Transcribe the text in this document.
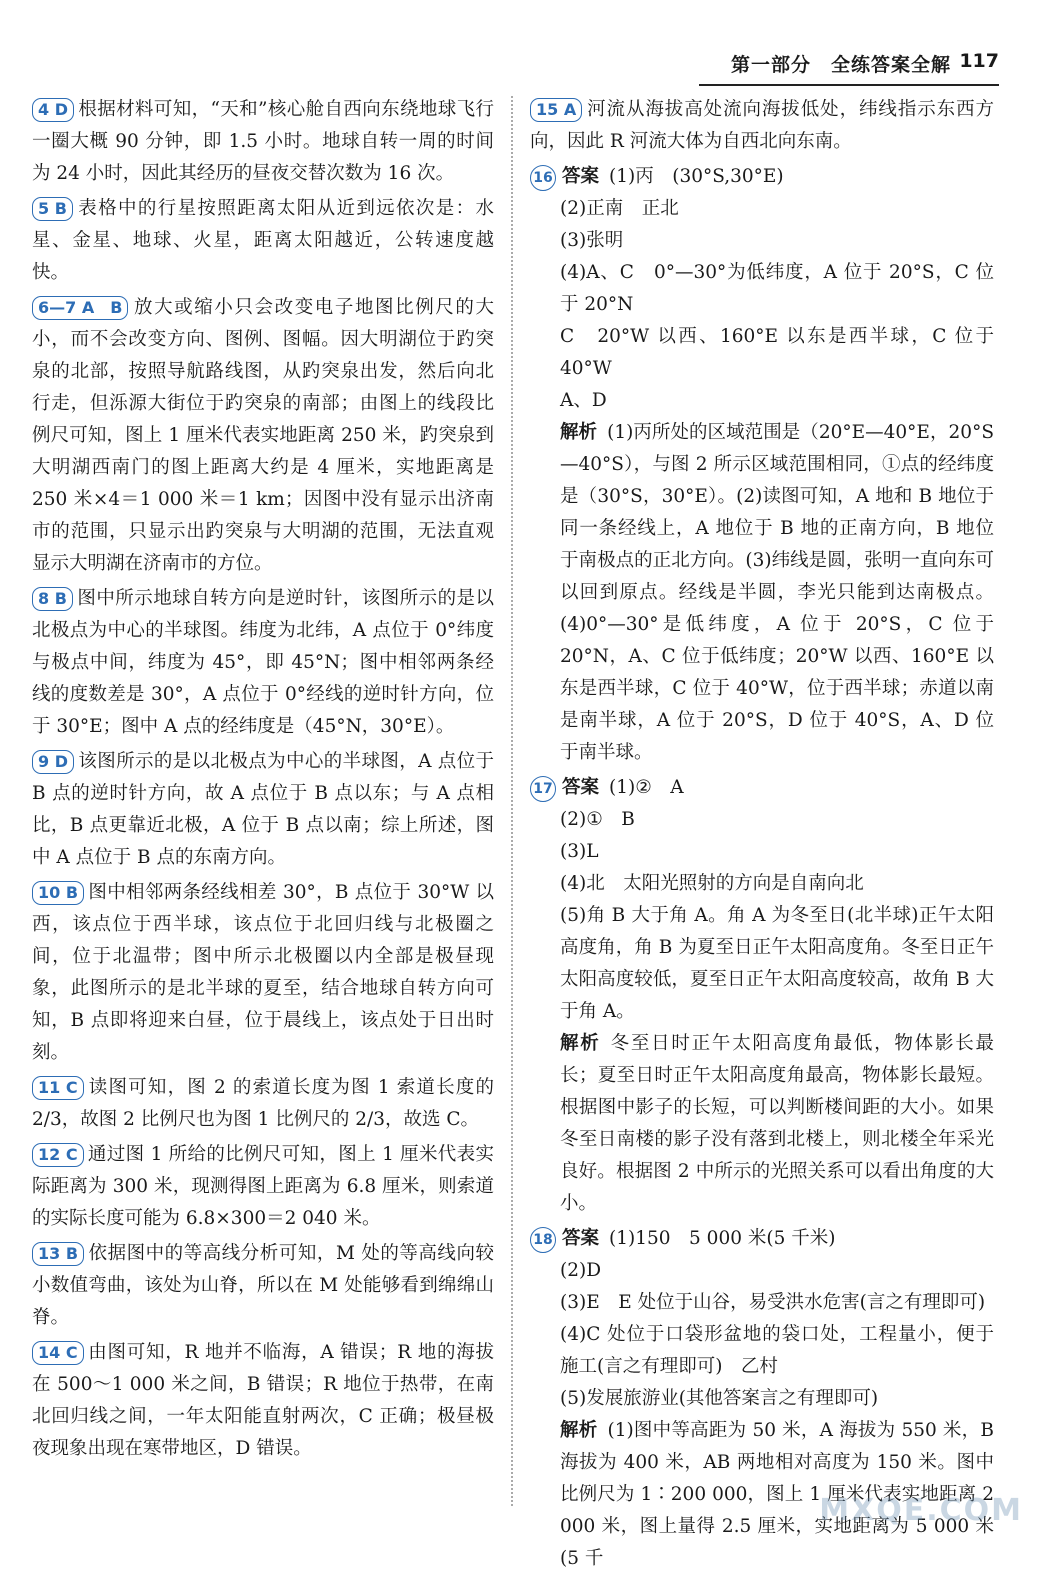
第一部分　全练答案全解 117
4 D 根据材料可知，“天和”核心舱自西向东绕地球飞行一圈大概 90 分钟，即 1.5 小时。地球自转一周的时间为 24 小时，因此其经历的昼夜交替次数为 16 次。
5 B 表格中的行星按照距离太阳从近到远依次是：水星、金星、地球、火星，距离太阳越近，公转速度越快。
6—7 A　B 放大或缩小只会改变电子地图比例尺的大小，而不会改变方向、图例、图幅。因大明湖位于趵突泉的北部，按照导航路线图，从趵突泉出发，然后向北行走，但泺源大街位于趵突泉的南部；由图上的线段比例尺可知，图上 1 厘米代表实地距离 250 米，趵突泉到大明湖西南门的图上距离大约是 4 厘米，实地距离是 250 米×4＝1 000 米＝1 km；因图中没有显示出济南市的范围，只显示出趵突泉与大明湖的范围，无法直观显示大明湖在济南市的方位。
8 B 图中所示地球自转方向是逆时针，该图所示的是以北极点为中心的半球图。纬度为北纬，A 点位于 0°纬度与极点中间，纬度为 45°，即 45°N；图中相邻两条经线的度数差是 30°，A 点位于 0°经线的逆时针方向，位于 30°E；图中 A 点的经纬度是（45°N，30°E）。
9 D 该图所示的是以北极点为中心的半球图，A 点位于 B 点的逆时针方向，故 A 点位于 B 点以东；与 A 点相比，B 点更靠近北极，A 位于 B 点以南；综上所述，图中 A 点位于 B 点的东南方向。
10 B 图中相邻两条经线相差 30°，B 点位于 30°W 以西，该点位于西半球，该点位于北回归线与北极圈之间，位于北温带；图中所示北极圈以内全部是极昼现象，此图所示的是北半球的夏至，结合地球自转方向可知，B 点即将迎来白昼，位于晨线上，该点处于日出时刻。
11 C 读图可知，图 2 的索道长度为图 1 索道长度的 2/3，故图 2 比例尺也为图 1 比例尺的 2/3，故选 C。
12 C 通过图 1 所给的比例尺可知，图上 1 厘米代表实际距离为 300 米，现测得图上距离为 6.8 厘米，则索道的实际长度可能为 6.8×300＝2 040 米。
13 B 依据图中的等高线分析可知，M 处的等高线向较小数值弯曲，该处为山脊，所以在 M 处能够看到绵绵山脊。
14 C 由图可知，R 地并不临海，A 错误；R 地的海拔在 500～1 000 米之间，B 错误；R 地位于热带，在南北回归线之间，一年太阳能直射两次，C 正确；极昼极夜现象出现在寒带地区，D 错误。
15 A 河流从海拔高处流向海拔低处，纬线指示东西方向，因此 R 河流大体为自西北向东南。
16 答案 (1)丙　(30°S,30°E)
(2)正南　正北
(3)张明
(4)A、C　0°—30°为低纬度，A 位于 20°S，C 位于 20°N
C　20°W 以西、160°E 以东是西半球，C 位于 40°W
A、D
解析 (1)丙所处的区域范围是（20°E—40°E，20°S—40°S），与图 2 所示区域范围相同，①点的经纬度是（30°S，30°E）。(2)读图可知，A 地和 B 地位于同一条经线上，A 地位于 B 地的正南方向，B 地位于南极点的正北方向。(3)纬线是圆，张明一直向东可以回到原点。经线是半圆，李光只能到达南极点。(4)0°—30°是低纬度，A 位于 20°S，C 位于20°N，A、C 位于低纬度；20°W 以西、160°E 以东是西半球，C 位于 40°W，位于西半球；赤道以南是南半球，A 位于 20°S，D 位于 40°S，A、D 位于南半球。
17 答案 (1)②　A
(2)①　B
(3)L
(4)北　太阳光照射的方向是自南向北
(5)角 B 大于角 A。角 A 为冬至日(北半球)正午太阳高度角，角 B 为夏至日正午太阳高度角。冬至日正午太阳高度较低，夏至日正午太阳高度较高，故角 B 大于角 A。
解析 冬至日时正午太阳高度角最低，物体影长最长；夏至日时正午太阳高度角最高，物体影长最短。根据图中影子的长短，可以判断楼间距的大小。如果冬至日南楼的影子没有落到北楼上，则北楼全年采光良好。根据图 2 中所示的光照关系可以看出角度的大小。
18 答案 (1)150　5 000 米(5 千米)
(2)D
(3)E　E 处位于山谷，易受洪水危害(言之有理即可)
(4)C 处位于口袋形盆地的袋口处，工程量小，便于施工(言之有理即可)　乙村
(5)发展旅游业(其他答案言之有理即可)
解析 (1)图中等高距为 50 米，A 海拔为 550 米，B 海拔为 400 米，AB 两地相对高度为 150 米。图中比例尺为 1∶200 000，图上 1 厘米代表实地距离 2 000 米，图上量得 2.5 厘米，实地距离为 5 000 米(5 千
MXQE.COM
